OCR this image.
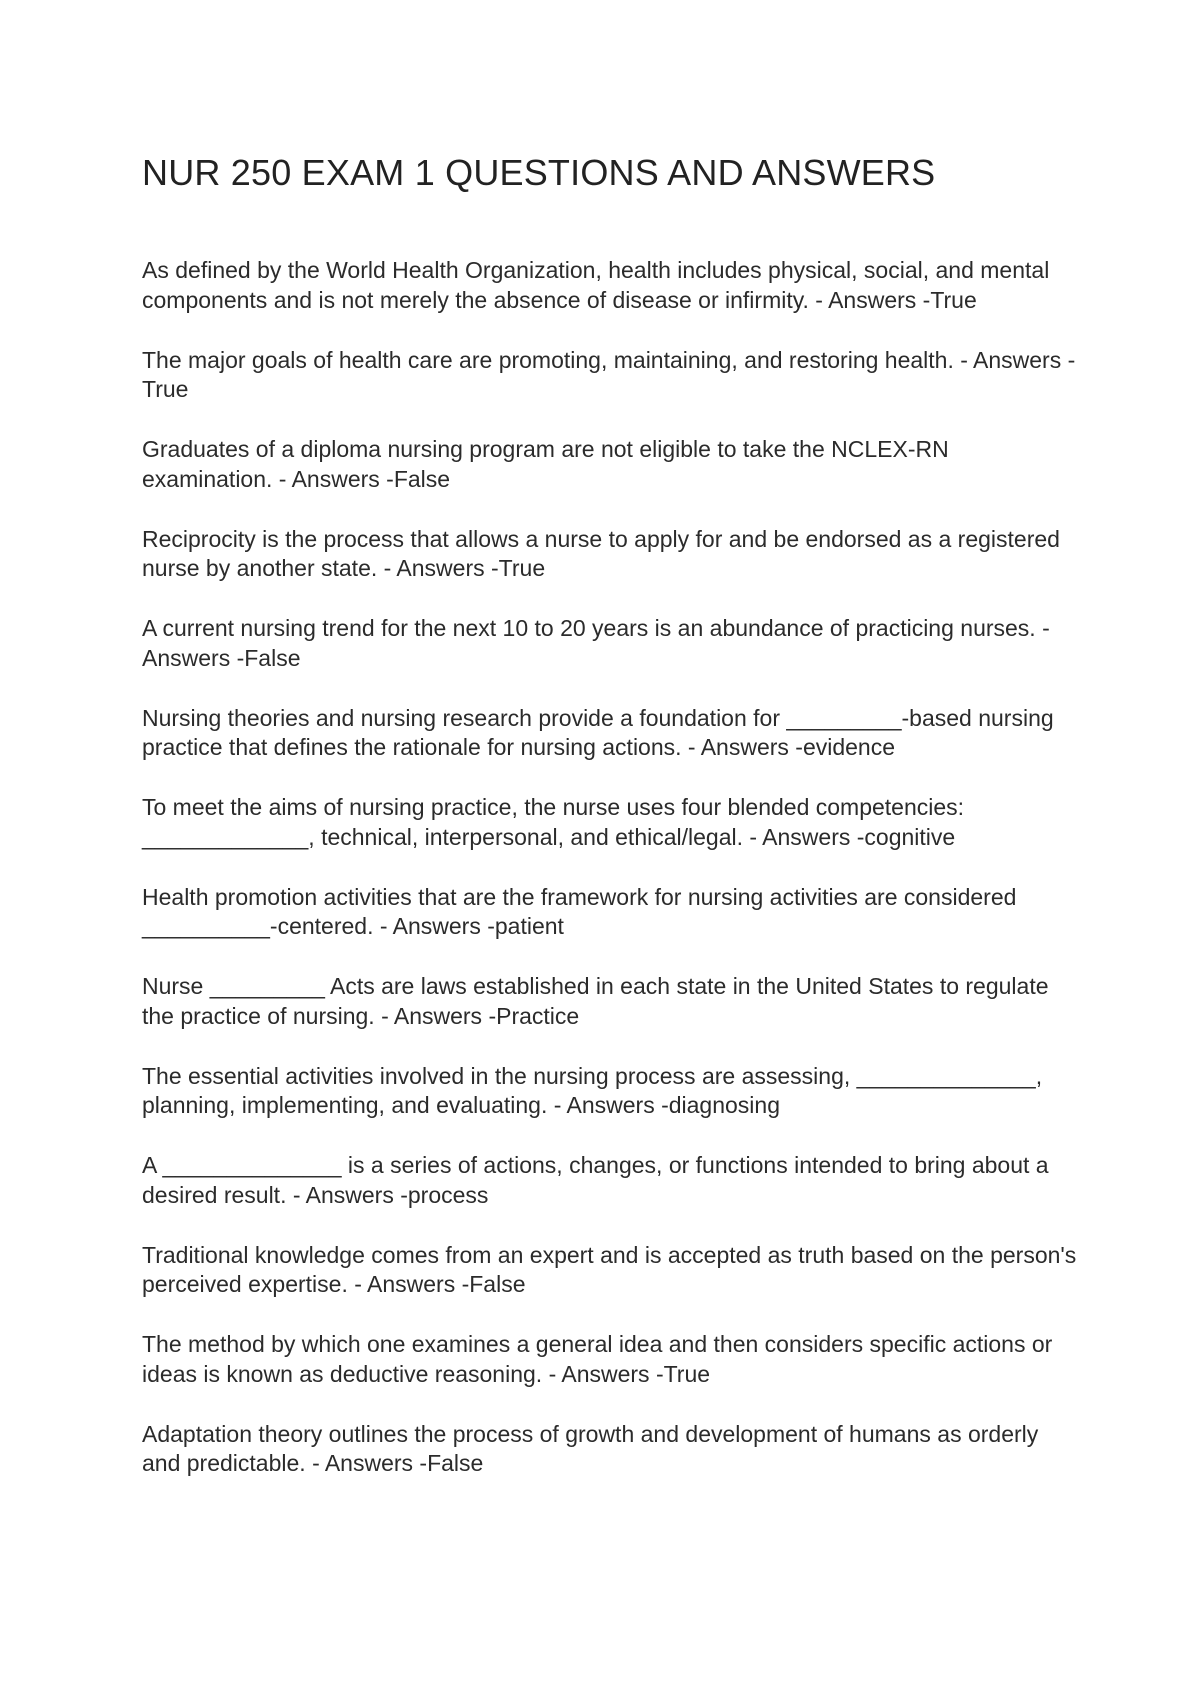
NUR 250 EXAM 1 QUESTIONS AND ANSWERS

As defined by the World Health Organization, health includes physical, social, and mental components and is not merely the absence of disease or infirmity. - Answers -True

The major goals of health care are promoting, maintaining, and restoring health. - Answers -True

Graduates of a diploma nursing program are not eligible to take the NCLEX-RN examination. - Answers -False

Reciprocity is the process that allows a nurse to apply for and be endorsed as a registered nurse by another state. - Answers -True

A current nursing trend for the next 10 to 20 years is an abundance of practicing nurses. - Answers -False

Nursing theories and nursing research provide a foundation for _________-based nursing practice that defines the rationale for nursing actions. - Answers -evidence

To meet the aims of nursing practice, the nurse uses four blended competencies: _____________, technical, interpersonal, and ethical/legal. - Answers -cognitive

Health promotion activities that are the framework for nursing activities are considered __________-centered. - Answers -patient

Nurse _________ Acts are laws established in each state in the United States to regulate the practice of nursing. - Answers -Practice

The essential activities involved in the nursing process are assessing, ______________, planning, implementing, and evaluating. - Answers -diagnosing

A ______________ is a series of actions, changes, or functions intended to bring about a desired result. - Answers -process

Traditional knowledge comes from an expert and is accepted as truth based on the person's perceived expertise. - Answers -False

The method by which one examines a general idea and then considers specific actions or ideas is known as deductive reasoning. - Answers -True

Adaptation theory outlines the process of growth and development of humans as orderly and predictable. - Answers -False
